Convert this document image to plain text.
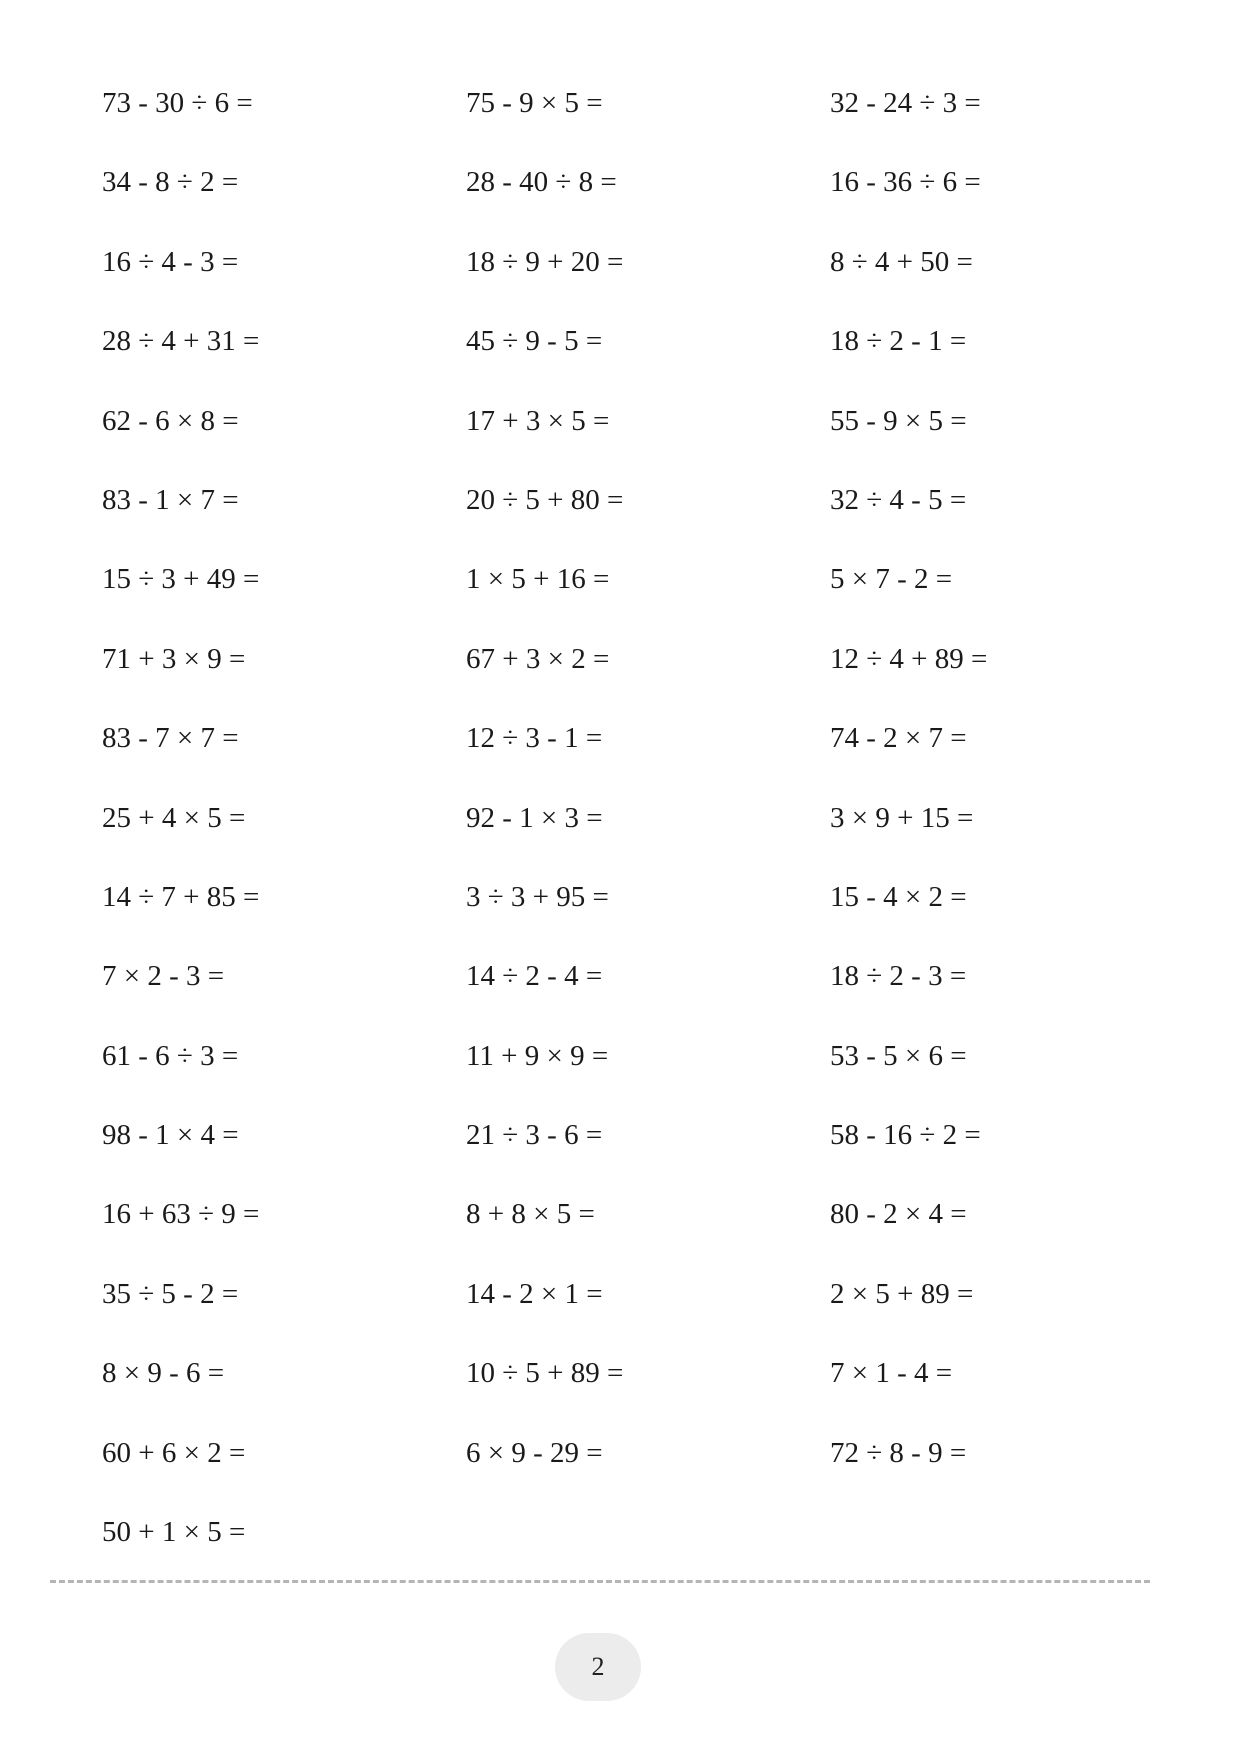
73 - 30 ÷ 6 =	75 - 9 × 5 =	32 - 24 ÷ 3 =
34 - 8 ÷ 2 =	28 - 40 ÷ 8 =	16 - 36 ÷ 6 =
16 ÷ 4 - 3 =	18 ÷ 9 + 20 =	8 ÷ 4 + 50 =
28 ÷ 4 + 31 =	45 ÷ 9 - 5 =	18 ÷ 2 - 1 =
62 - 6 × 8 =	17 + 3 × 5 =	55 - 9 × 5 =
83 - 1 × 7 =	20 ÷ 5 + 80 =	32 ÷ 4 - 5 =
15 ÷ 3 + 49 =	1 × 5 + 16 =	5 × 7 - 2 =
71 + 3 × 9 =	67 + 3 × 2 =	12 ÷ 4 + 89 =
83 - 7 × 7 =	12 ÷ 3 - 1 =	74 - 2 × 7 =
25 + 4 × 5 =	92 - 1 × 3 =	3 × 9 + 15 =
14 ÷ 7 + 85 =	3 ÷ 3 + 95 =	15 - 4 × 2 =
7 × 2 - 3 =	14 ÷ 2 - 4 =	18 ÷ 2 - 3 =
61 - 6 ÷ 3 =	11 + 9 × 9 =	53 - 5 × 6 =
98 - 1 × 4 =	21 ÷ 3 - 6 =	58 - 16 ÷ 2 =
16 + 63 ÷ 9 =	8 + 8 × 5 =	80 - 2 × 4 =
35 ÷ 5 - 2 =	14 - 2 × 1 =	2 × 5 + 89 =
8 × 9 - 6 =	10 ÷ 5 + 89 =	7 × 1 - 4 =
60 + 6 × 2 =	6 × 9 - 29 =	72 ÷ 8 - 9 =
50 + 1 × 5 =
2
